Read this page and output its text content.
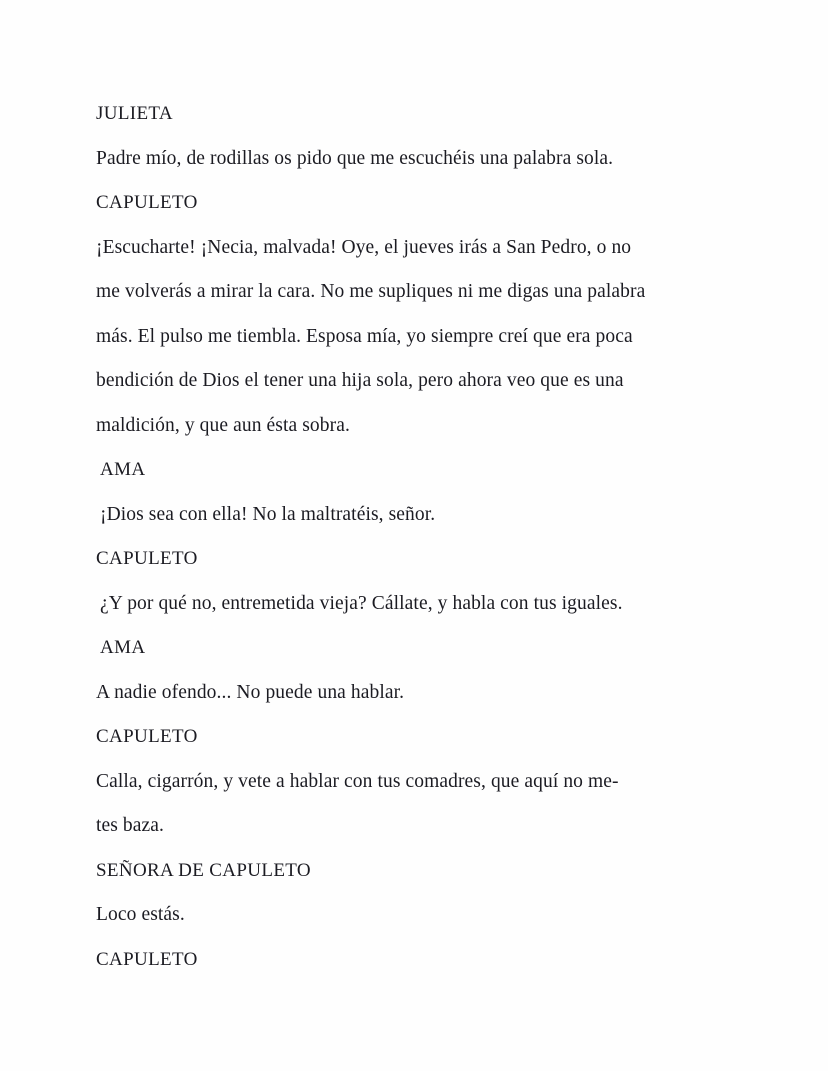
JULIETA
Padre mío, de rodillas os pido que me escuchéis una palabra sola.
CAPULETO
¡Escucharte! ¡Necia, malvada! Oye, el jueves irás a San Pedro, o no
me volverás a mirar la cara. No me supliques ni me digas una palabra
más. El pulso me tiembla. Esposa mía, yo siempre creí que era poca
bendición de Dios el tener una hija sola, pero ahora veo que es una
maldición, y que aun ésta sobra.
AMA
¡Dios sea con ella! No la maltratéis, señor.
CAPULETO
¿Y por qué no, entremetida vieja? Cállate, y habla con tus iguales.
AMA
A nadie ofendo... No puede una hablar.
CAPULETO
Calla, cigarrón, y vete a hablar con tus comadres, que aquí no me-
tes baza.
SEÑORA DE CAPULETO
Loco estás.
CAPULETO
